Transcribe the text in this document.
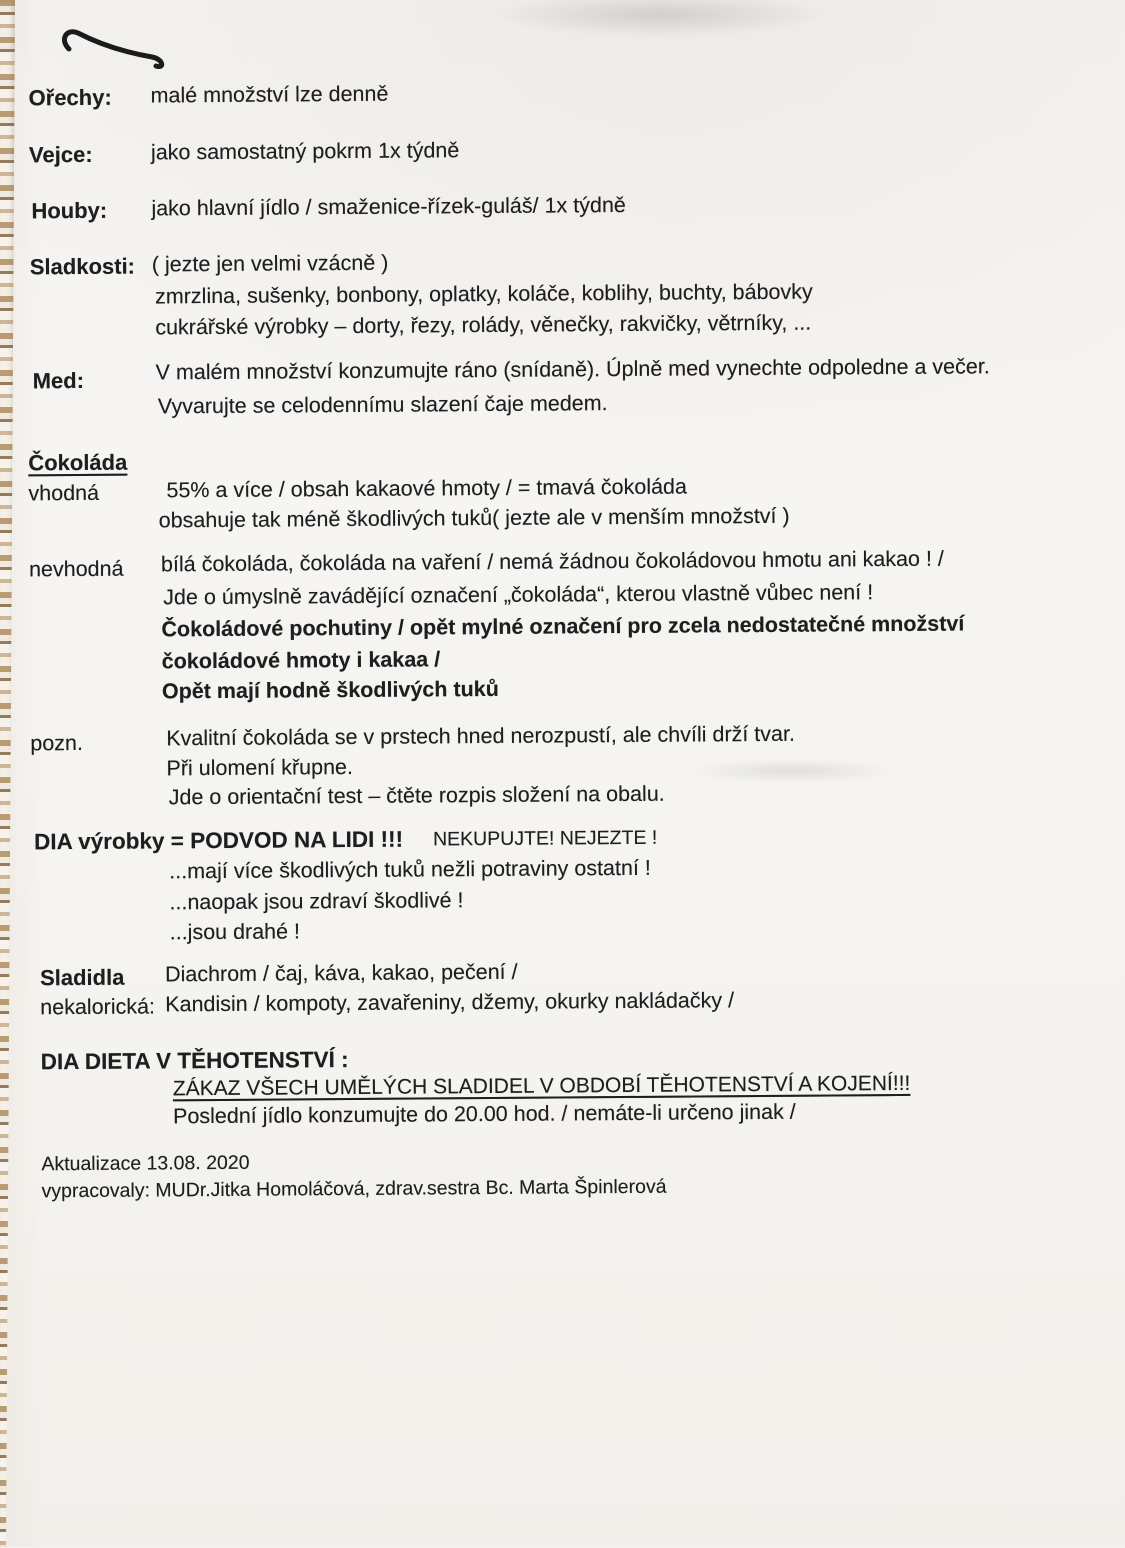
Ořechy: malé množství lze denně
Vejce:	jako samostatný pokrm 1x týdně
Houby: jako hlavní jídlo / smaženice-řízek-guláš/ 1x týdně
Sladkosti: ( jezte jen velmi vzácně )
zmrzlina, sušenky, bonbony, oplatky, koláče, koblihy, buchty, bábovky
cukrářské výrobky – dorty, řezy, rolády, věnečky, rakvičky, větrníky, ...
Med:	V malém množství konzumujte ráno (snídaně). Úplně med vynechte odpoledne a večer.
Vyvarujte se celodennímu slazení čaje medem.
Čokoláda
vhodná	55% a více / obsah kakaové hmoty / = tmavá čokoláda
obsahuje tak méně škodlivých tuků( jezte ale v menším množství )
nevhodná bílá čokoláda, čokoláda na vaření / nemá žádnou čokoládovou hmotu ani kakao ! /
Jde o úmyslně zavádějící označení „čokoláda“, kterou vlastně vůbec není !
Čokoládové pochutiny / opět mylné označení pro zcela nedostatečné množství
čokoládové hmoty i kakaa /
Opět mají hodně škodlivých tuků
pozn.	Kvalitní čokoláda se v prstech hned nerozpustí, ale chvíli drží tvar.
Při ulomení křupne.
Jde o orientační test – čtěte rozpis složení na obalu.
DIA výrobky = PODVOD NA LIDI !!! NEKUPUJTE! NEJEZTE !
...mají více škodlivých tuků nežli potraviny ostatní !
...naopak jsou zdraví škodlivé !
...jsou drahé !
Sladidla Diachrom / čaj, káva, kakao, pečení /
nekalorická: Kandisin / kompoty, zavařeniny, džemy, okurky nakládačky /
DIA DIETA V TĚHOTENSTVÍ :
ZÁKAZ VŠECH UMĚLÝCH SLADIDEL V OBDOBÍ TĚHOTENSTVÍ A KOJENÍ!!!
Poslední jídlo konzumujte do 20.00 hod. / nemáte-li určeno jinak /
Aktualizace 13.08. 2020
vypracovaly: MUDr.Jitka Homoláčová, zdrav.sestra Bc. Marta Špinlerová
